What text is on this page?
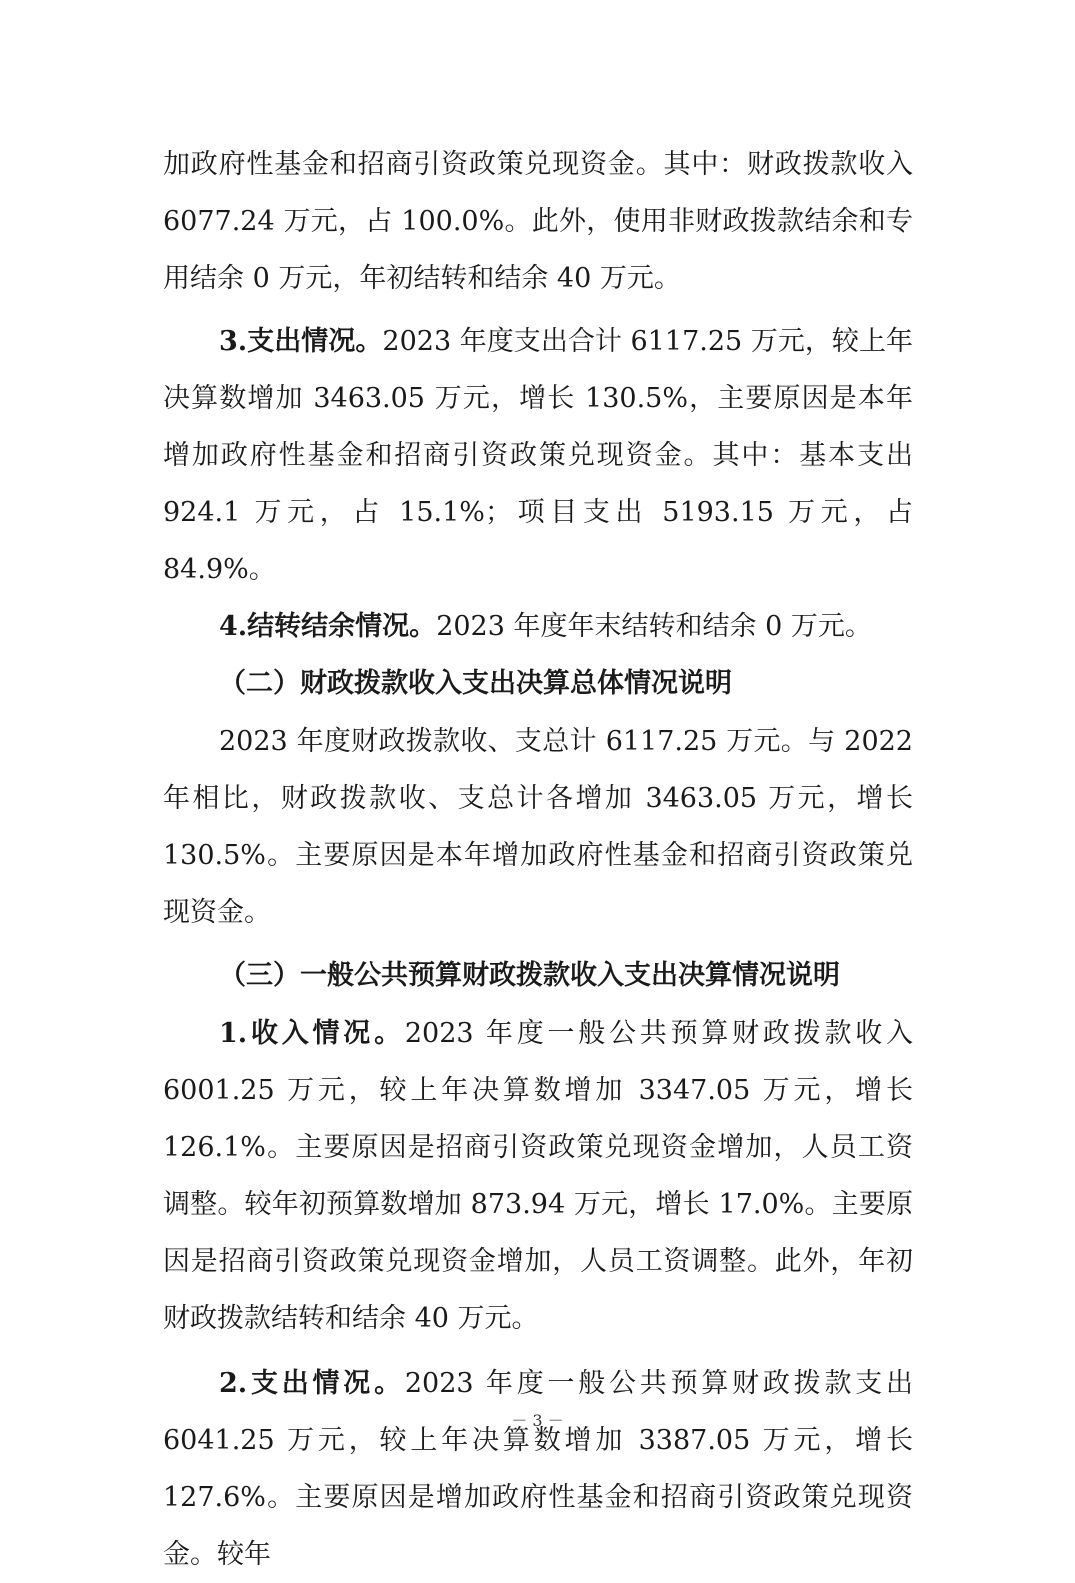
加政府性基金和招商引资政策兑现资金。其中：财政拨款收入 6077.24 万元，占 100.0%。此外，使用非财政拨款结余和专用结余 0 万元，年初结转和结余 40 万元。

3.支出情况。2023 年度支出合计 6117.25 万元，较上年决算数增加 3463.05 万元，增长 130.5%，主要原因是本年增加政府性基金和招商引资政策兑现资金。其中：基本支出924.1 万元，占 15.1%；项目支出 5193.15 万元，占 84.9%。

4.结转结余情况。2023 年度年末结转和结余 0 万元。

（二）财政拨款收入支出决算总体情况说明

2023 年度财政拨款收、支总计 6117.25 万元。与 2022 年相比，财政拨款收、支总计各增加 3463.05 万元，增长130.5%。主要原因是本年增加政府性基金和招商引资政策兑现资金。

（三）一般公共预算财政拨款收入支出决算情况说明

1.收入情况。2023 年度一般公共预算财政拨款收入6001.25 万元，较上年决算数增加 3347.05 万元，增长 126.1%。主要原因是招商引资政策兑现资金增加，人员工资调整。较年初预算数增加 873.94 万元，增长 17.0%。主要原因是招商引资政策兑现资金增加，人员工资调整。此外，年初财政拨款结转和结余 40 万元。

2.支出情况。2023 年度一般公共预算财政拨款支出6041.25 万元，较上年决算数增加 3387.05 万元，增长 127.6%。主要原因是增加政府性基金和招商引资政策兑现资金。较年

－ 3 －
